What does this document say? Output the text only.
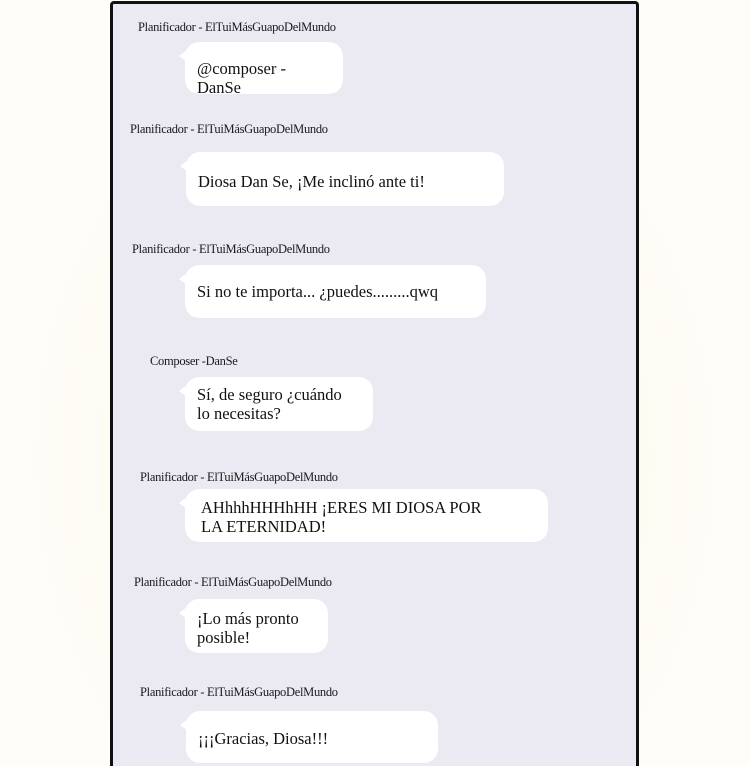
Planificador - ElTuiMásGuapoDelMundo
@composer - DanSe
Planificador - ElTuiMásGuapoDelMundo
Diosa Dan Se, ¡Me inclinó ante ti!
Planificador - ElTuiMásGuapoDelMundo
Si no te importa... ¿puedes.........qwq
Composer -DanSe
Sí, de seguro ¿cuándo
lo necesitas?
Planificador - ElTuiMásGuapoDelMundo
AHhhhHHHhHH ¡ERES MI DIOSA POR
LA ETERNIDAD!
Planificador - ElTuiMásGuapoDelMundo
¡Lo más pronto
posible!
Planificador - ElTuiMásGuapoDelMundo
¡¡¡Gracias, Diosa!!!
